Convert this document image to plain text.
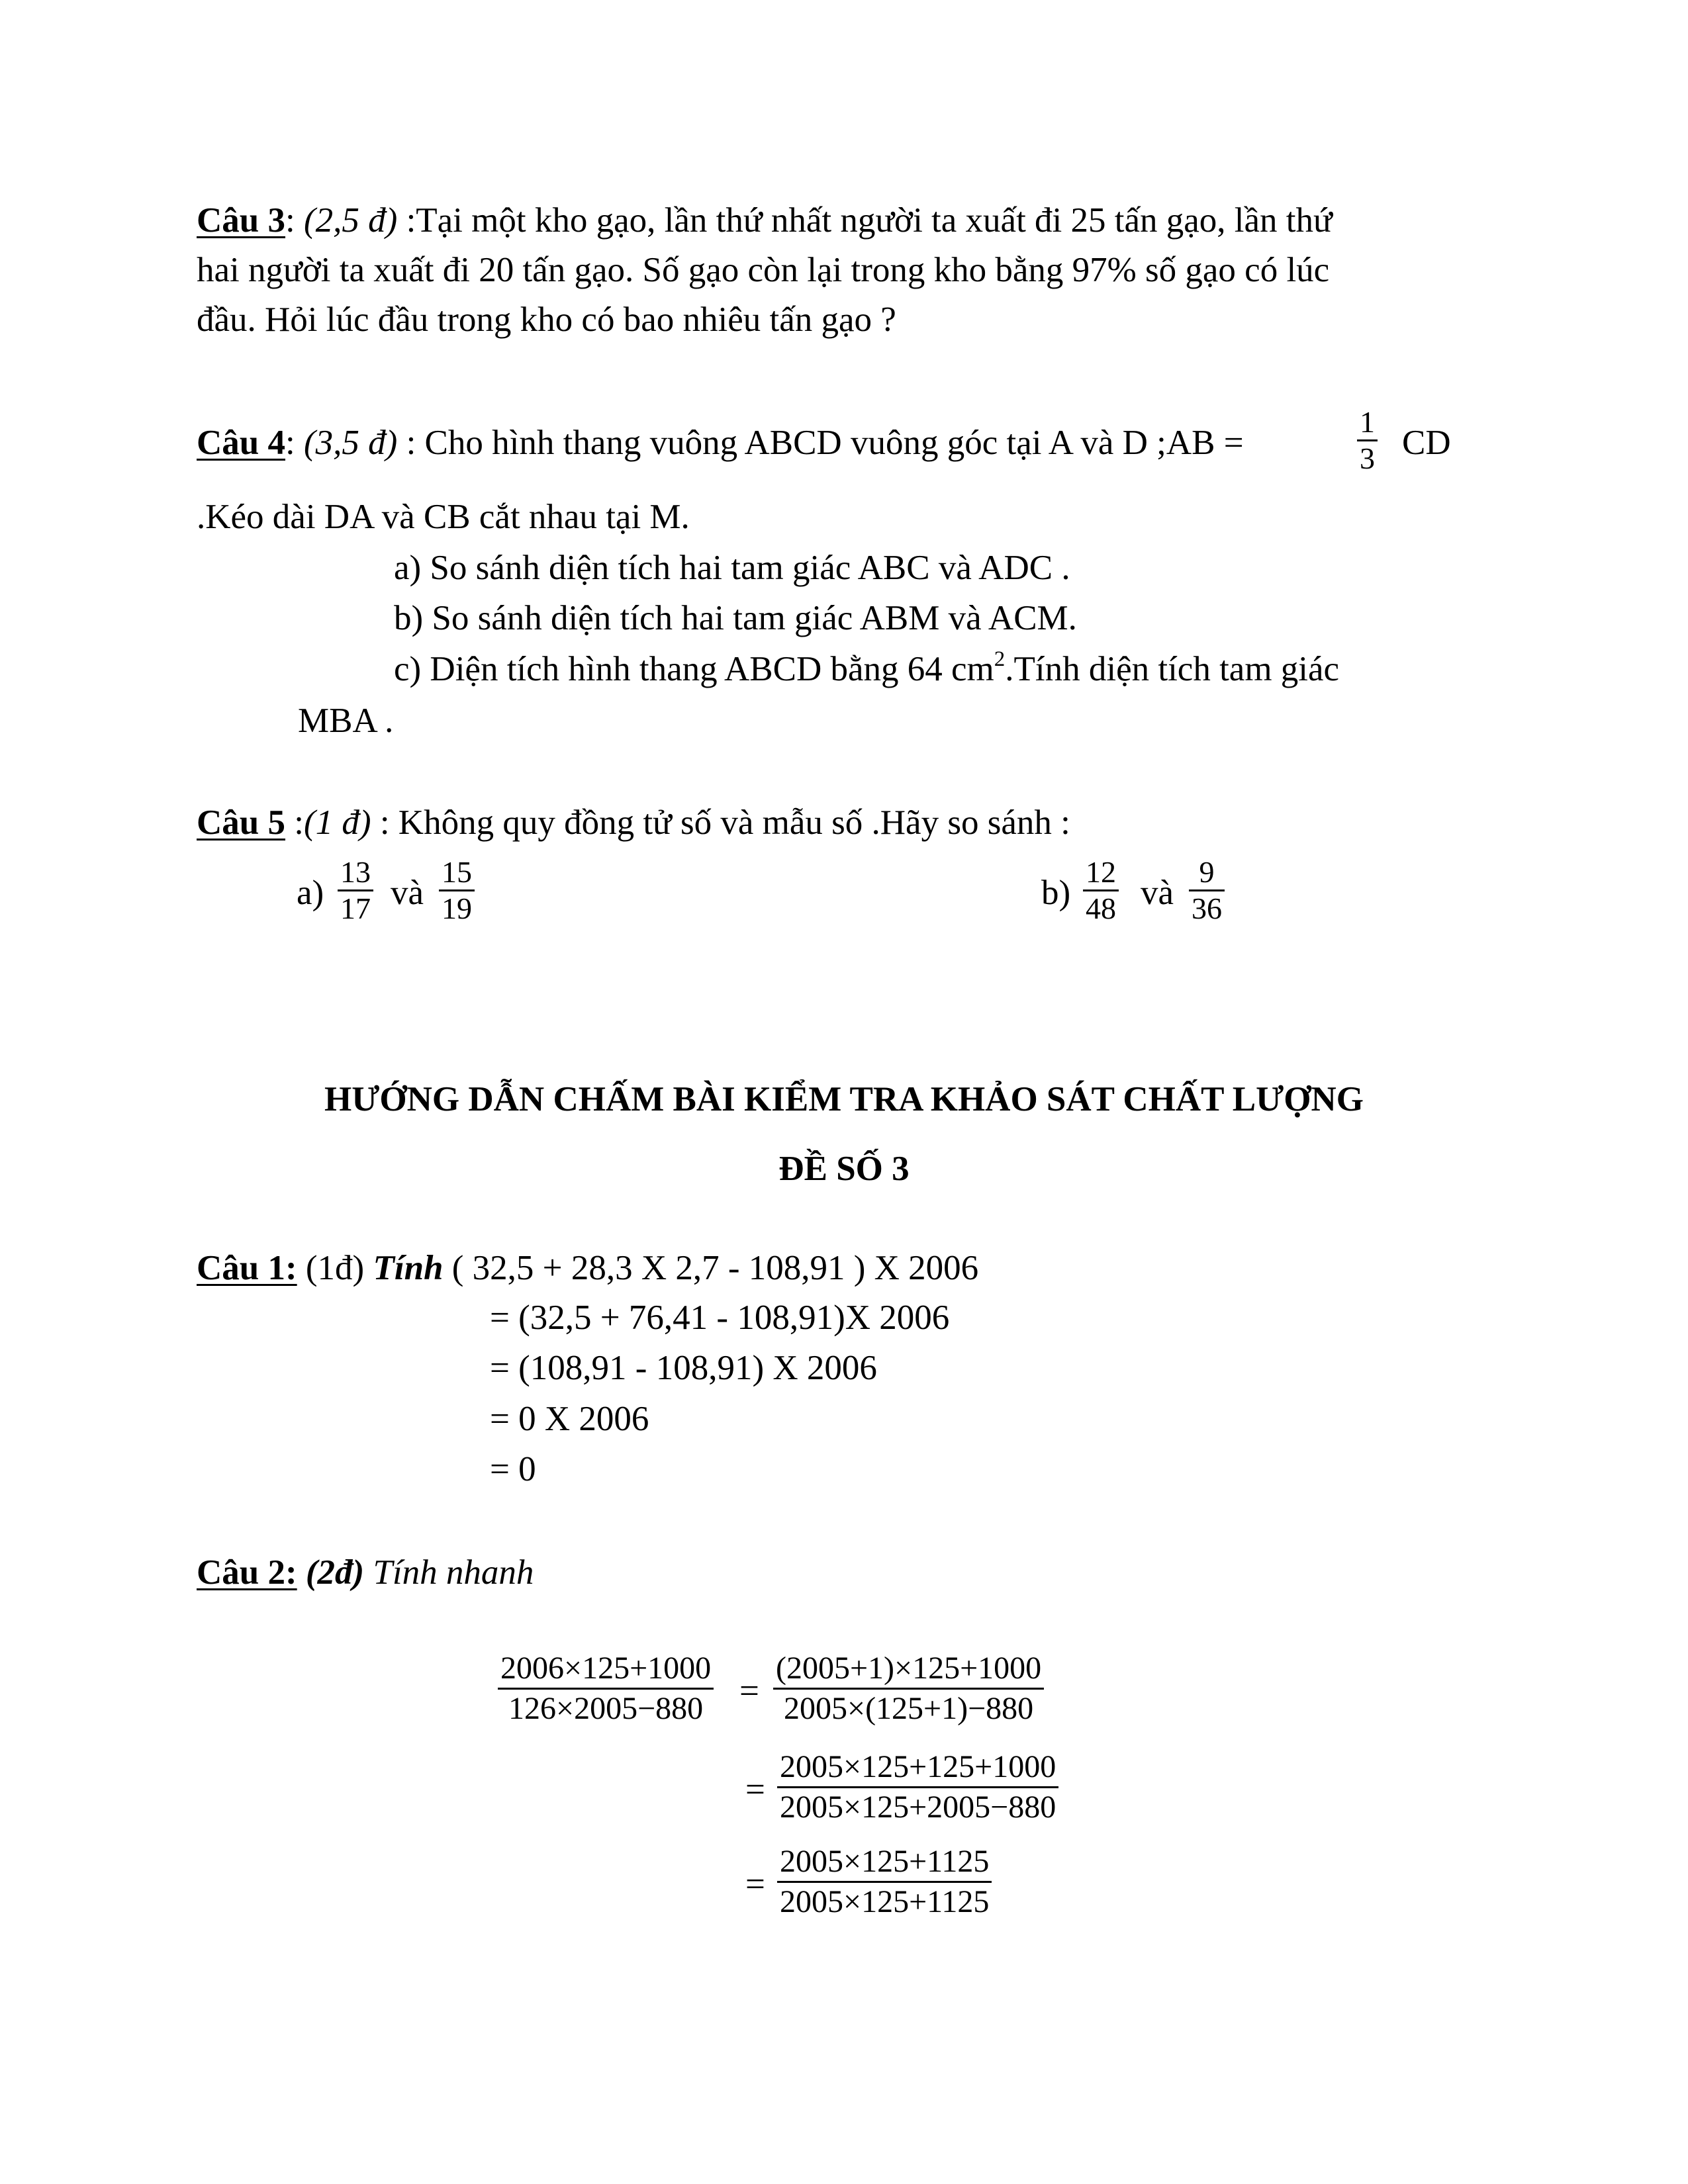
Câu 3: (2,5 đ) :Tại một kho gạo, lần thứ nhất người ta xuất đi 25 tấn gạo, lần thứ
hai người ta xuất đi 20 tấn gạo. Số gạo còn lại trong kho bằng 97% số gạo có lúc
đầu. Hỏi lúc đầu trong kho có bao nhiêu tấn gạo ?
Câu 4: (3,5 đ) : Cho hình thang vuông ABCD vuông góc tại A và D ;AB =	$\frac{1}{3}$ CD
.Kéo dài DA và CB cắt nhau tại M.
a) So sánh diện tích hai tam giác ABC và ADC .
b) So sánh diện tích hai tam giác ABM và ACM.
c) Diện tích hình thang ABCD bằng 64 $cm^2.Tính$ diện tích tam giác
MBA .
Câu 5 :(1 đ) : Không quy đồng tử số và mẫu số .Hãy so sánh :
$a) \frac{13}{17}$ và $\frac{15}{19}$	$b) \frac{12}{48}$ và $\frac{9}{36}$
HƯỚNG DẪN CHẤM BÀI KIỂM TRA KHẢO SÁT CHẤT LƯỢNG
ĐỀ SỐ 3
Câu 1: (1đ) Tính ( 32,5 + 28,3 X 2,7 - 108,91 ) X 2006
= (32,5 + 76,41 - 108,91)X 2006
= (108,91 - 108,91) X 2006
= 0 X 2006
= 0
Câu 2: (2đ) Tính nhanh
$\frac{2006\times 125+1000}{126\times 2005-880} = \frac{(2005+1)\times 125+1000}{2005\times(125+1)-880}$
= $\frac{2005\times 125+125+1000}{2005\times 125+2005-880}$
= $\frac{2005\times 125+1125}{2005\times 125+1125}$
